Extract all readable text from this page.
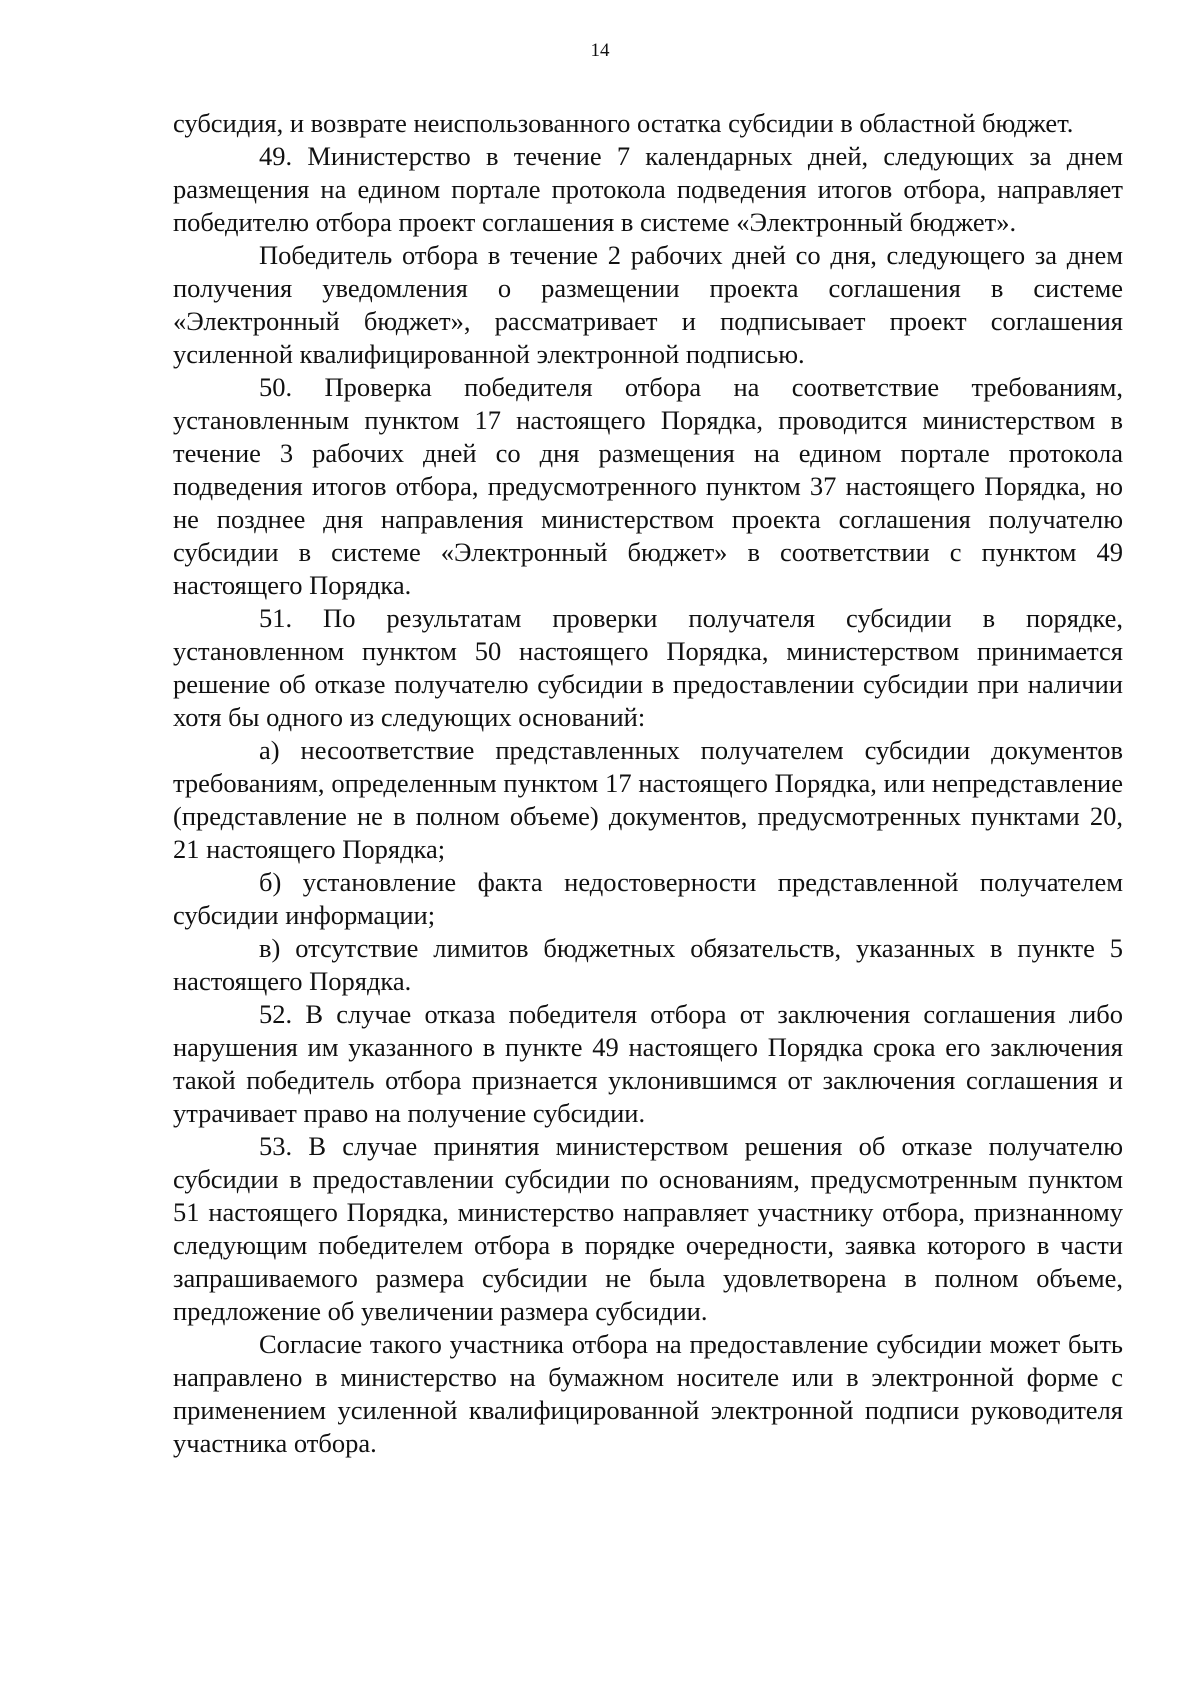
14

субсидия, и возврате неиспользованного остатка субсидии в областной бюджет.

49. Министерство в течение 7 календарных дней, следующих за днем размещения на едином портале протокола подведения итогов отбора, направляет победителю отбора проект соглашения в системе «Электронный бюджет».

Победитель отбора в течение 2 рабочих дней со дня, следующего за днем получения уведомления о размещении проекта соглашения в системе «Электронный бюджет», рассматривает и подписывает проект соглашения усиленной квалифицированной электронной подписью.

50. Проверка победителя отбора на соответствие требованиям, установленным пунктом 17 настоящего Порядка, проводится министерством в течение 3 рабочих дней со дня размещения на едином портале протокола подведения итогов отбора, предусмотренного пунктом 37 настоящего Порядка, но не позднее дня направления министерством проекта соглашения получателю субсидии в системе «Электронный бюджет» в соответствии с пунктом 49 настоящего Порядка.

51. По результатам проверки получателя субсидии в порядке, установленном пунктом 50 настоящего Порядка, министерством принимается решение об отказе получателю субсидии в предоставлении субсидии при наличии хотя бы одного из следующих оснований:

а) несоответствие представленных получателем субсидии документов требованиям, определенным пунктом 17 настоящего Порядка, или непредставление (представление не в полном объеме) документов, предусмотренных пунктами 20, 21 настоящего Порядка;

б) установление факта недостоверности представленной получателем субсидии информации;

в) отсутствие лимитов бюджетных обязательств, указанных в пункте 5 настоящего Порядка.

52. В случае отказа победителя отбора от заключения соглашения либо нарушения им указанного в пункте 49 настоящего Порядка срока его заключения такой победитель отбора признается уклонившимся от заключения соглашения и утрачивает право на получение субсидии.

53. В случае принятия министерством решения об отказе получателю субсидии в предоставлении субсидии по основаниям, предусмотренным пунктом 51 настоящего Порядка, министерство направляет участнику отбора, признанному следующим победителем отбора в порядке очередности, заявка которого в части запрашиваемого размера субсидии не была удовлетворена в полном объеме, предложение об увеличении размера субсидии.

Согласие такого участника отбора на предоставление субсидии может быть направлено в министерство на бумажном носителе или в электронной форме с применением усиленной квалифицированной электронной подписи руководителя участника отбора.
